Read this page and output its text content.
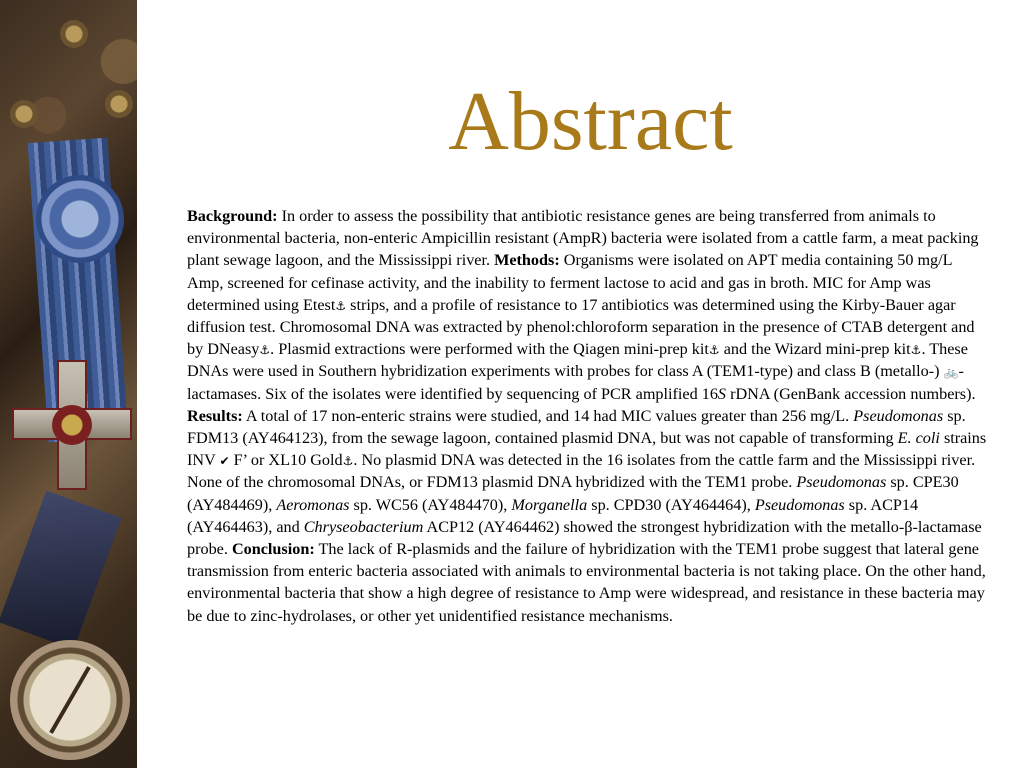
Abstract

Background: In order to assess the possibility that antibiotic resistance genes are being transferred from animals to environmental bacteria, non-enteric Ampicillin resistant (AmpR) bacteria were isolated from a cattle farm, a meat packing plant sewage lagoon, and the Mississippi river. Methods: Organisms were isolated on APT media containing 50 mg/L Amp, screened for cefinase activity, and the inability to ferment lactose to acid and gas in broth. MIC for Amp was determined using Etest⚓ strips, and a profile of resistance to 17 antibiotics was determined using the Kirby-Bauer agar diffusion test. Chromosomal DNA was extracted by phenol:chloroform separation in the presence of CTAB detergent and by DNeasy⚓. Plasmid extractions were performed with the Qiagen mini-prep kit⚓ and the Wizard mini-prep kit⚓. These DNAs were used in Southern hybridization experiments with probes for class A (TEM1-type) and class B (metallo-) 🚲-lactamases. Six of the isolates were identified by sequencing of PCR amplified 16S rDNA (GenBank accession numbers). Results: A total of 17 non-enteric strains were studied, and 14 had MIC values greater than 256 mg/L. Pseudomonas sp. FDM13 (AY464123), from the sewage lagoon, contained plasmid DNA, but was not capable of transforming E. coli strains INV ✔ F’ or XL10 Gold⚓. No plasmid DNA was detected in the 16 isolates from the cattle farm and the Mississippi river. None of the chromosomal DNAs, or FDM13 plasmid DNA hybridized with the TEM1 probe. Pseudomonas sp. CPE30 (AY484469), Aeromonas sp. WC56 (AY484470), Morganella sp. CPD30 (AY464464), Pseudomonas sp. ACP14 (AY464463), and Chryseobacterium ACP12 (AY464462) showed the strongest hybridization with the metallo-β-lactamase probe. Conclusion: The lack of R-plasmids and the failure of hybridization with the TEM1 probe suggest that lateral gene transmission from enteric bacteria associated with animals to environmental bacteria is not taking place. On the other hand, environmental bacteria that show a high degree of resistance to Amp were widespread, and resistance in these bacteria may be due to zinc-hydrolases, or other yet unidentified resistance mechanisms.
